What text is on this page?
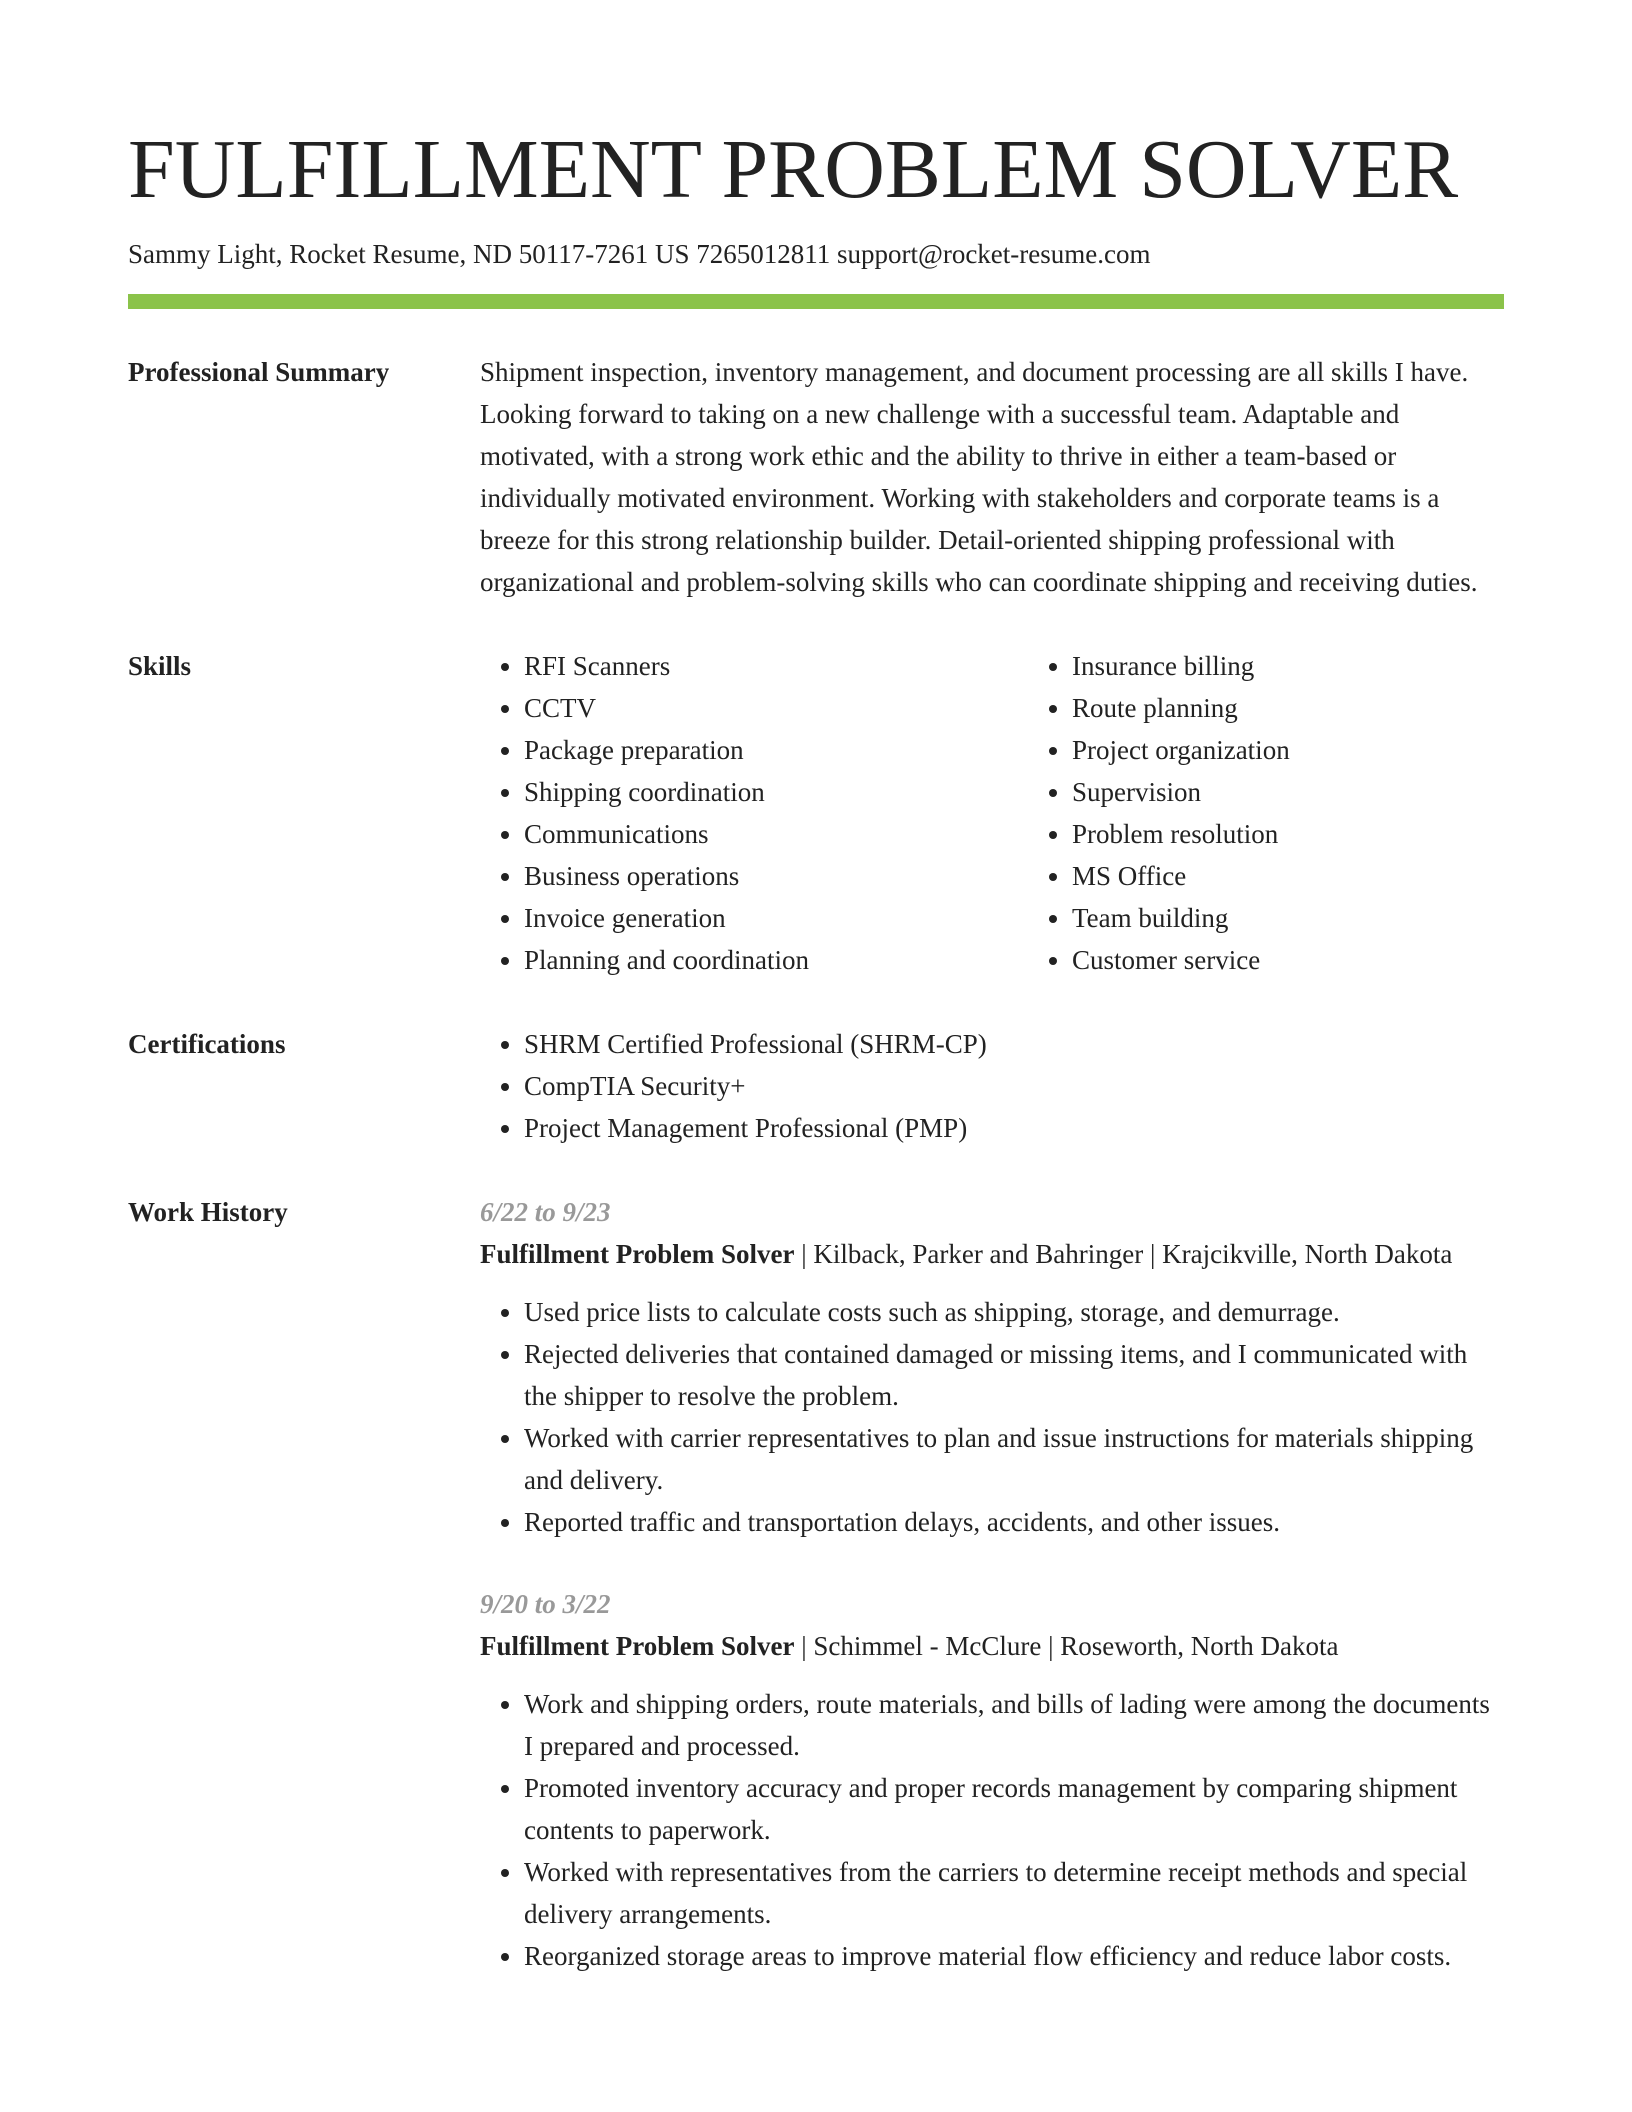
FULFILLMENT PROBLEM SOLVER
Sammy Light, Rocket Resume, ND 50117-7261 US 7265012811 support@rocket-resume.com
Professional Summary	Shipment inspection, inventory management, and document processing are all skills I have. Looking forward to taking on a new challenge with a successful team. Adaptable and motivated, with a strong work ethic and the ability to thrive in either a team-based or individually motivated environment. Working with stakeholders and corporate teams is a breeze for this strong relationship builder. Detail-oriented shipping professional with organizational and problem-solving skills who can coordinate shipping and receiving duties.

Skills	• RFI Scanners
• CCTV
• Package preparation
• Shipping coordination
• Communications
• Business operations
• Invoice generation
• Planning and coordination
• Insurance billing
• Route planning
• Project organization
• Supervision
• Problem resolution
• MS Office
• Team building
• Customer service
Certifications	• SHRM Certified Professional (SHRM-CP)
• CompTIA Security+
• Project Management Professional (PMP)
Work History	6/22 to 9/23
Fulfillment Problem Solver | Kilback, Parker and Bahringer | Krajcikville, North Dakota
• Used price lists to calculate costs such as shipping, storage, and demurrage.
• Rejected deliveries that contained damaged or missing items, and I communicated with the shipper to resolve the problem.
• Worked with carrier representatives to plan and issue instructions for materials shipping and delivery.
• Reported traffic and transportation delays, accidents, and other issues.
9/20 to 3/22
Fulfillment Problem Solver | Schimmel - McClure | Roseworth, North Dakota
• Work and shipping orders, route materials, and bills of lading were among the documents I prepared and processed.
• Promoted inventory accuracy and proper records management by comparing shipment contents to paperwork.
• Worked with representatives from the carriers to determine receipt methods and special delivery arrangements.
• Reorganized storage areas to improve material flow efficiency and reduce labor costs.
